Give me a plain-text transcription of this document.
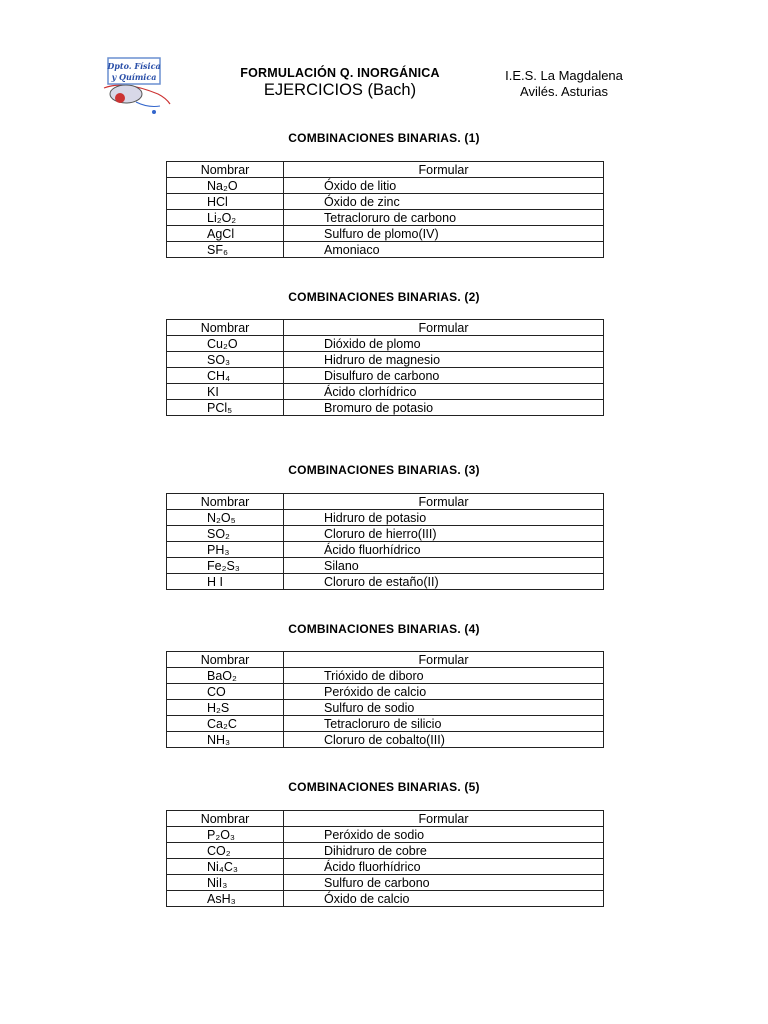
Dpto. Física
y Química	FORMULACIÓN Q. INORGÁNICA
EJERCICIOS (Bach)
I.E.S. La Magdalena
Avilés. Asturias
COMBINACIONES BINARIAS. (1)
Nombrar	Formular
Na₂O	Óxido de litio
HCl	Óxido de zinc
Li₂O₂	Tetracloruro de carbono
AgCl	Sulfuro de plomo(IV)
SF₆	Amoniaco
COMBINACIONES BINARIAS. (2)
Nombrar	Formular
Cu₂O	Dióxido de plomo
SO₃	Hidruro de magnesio
CH₄	Disulfuro de carbono
KI	Ácido clorhídrico
PCl₅	Bromuro de potasio
COMBINACIONES BINARIAS. (3)
Nombrar	Formular
N₂O₅	Hidruro de potasio
SO₂	Cloruro de hierro(III)
PH₃	Ácido fluorhídrico
Fe₂S₃	Silano
H I	Cloruro de estaño(II)
COMBINACIONES BINARIAS. (4)
Nombrar	Formular
BaO₂	Trióxido de diboro
CO	Peróxido de calcio
H₂S	Sulfuro de sodio
Ca₂C	Tetracloruro de silicio
NH₃	Cloruro de cobalto(III)
COMBINACIONES BINARIAS. (5)
Nombrar	Formular
P₂O₃	Peróxido de sodio
CO₂	Dihidruro de cobre
Ni₄C₃	Ácido fluorhídrico
NiI₃	Sulfuro de carbono
AsH₃	Óxido de calcio
